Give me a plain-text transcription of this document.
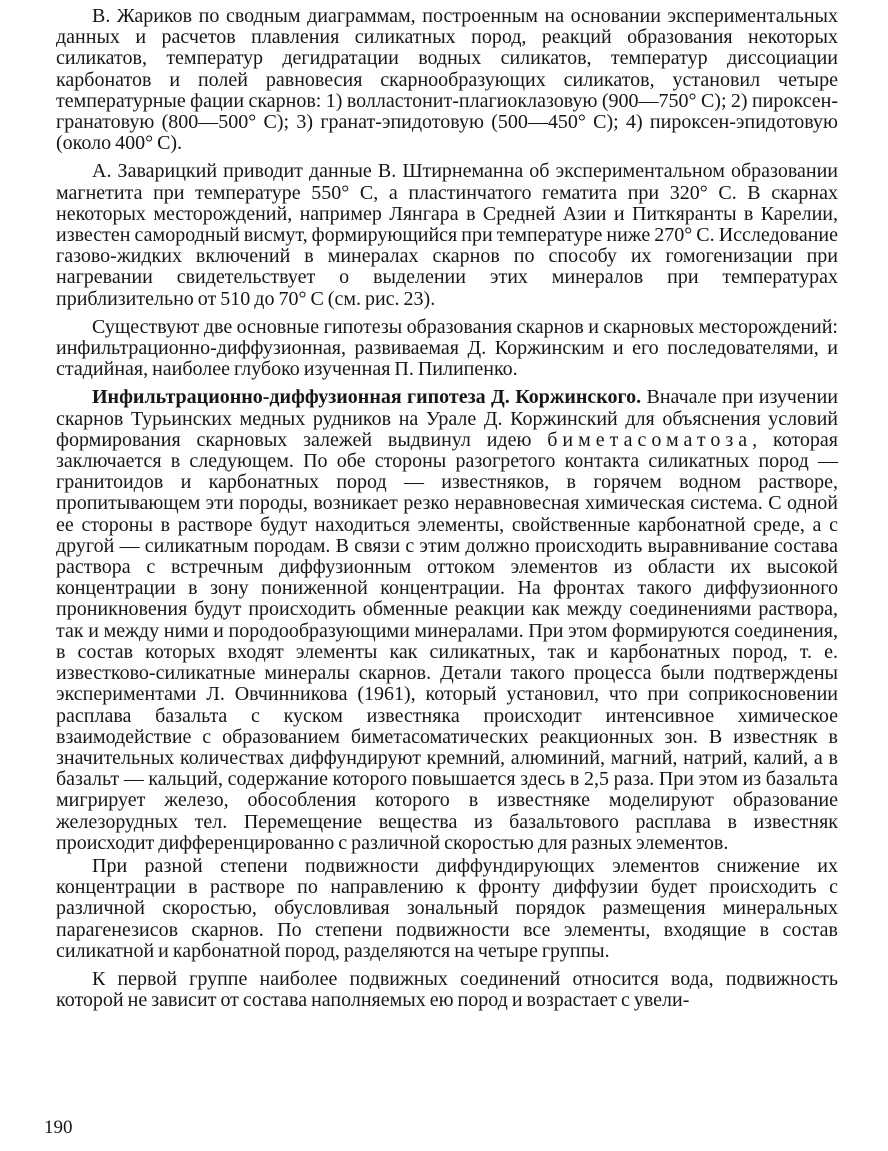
В. Жариков по сводным диаграммам, построенным на основании экспериментальных данных и расчетов плавления силикатных пород, реакций образования некоторых силикатов, температур дегидратации водных силикатов, температур диссоциации карбонатов и полей равновесия скарнообразующих силикатов, установил четыре температурные фации скарнов: 1) волластонит-плагиоклазовую (900—750° С); 2) пироксен-гранатовую (800—500° С); 3) гранат-эпидотовую (500—450° С); 4) пироксен-эпидотовую (около 400° С).

А. Заварицкий приводит данные В. Штирнеманна об экспериментальном образовании магнетита при температуре 550° С, а пластинчатого гематита при 320° С. В скарнах некоторых месторождений, например Лянгара в Средней Азии и Питкяранты в Карелии, известен самородный висмут, формирующийся при температуре ниже 270° С. Исследование газово-жидких включений в минералах скарнов по способу их гомогенизации при нагревании свидетельствует о выделении этих минералов при температурах приблизительно от 510 до 70° С (см. рис. 23).

Существуют две основные гипотезы образования скарнов и скарновых месторождений: инфильтрационно-диффузионная, развиваемая Д. Коржинским и его последователями, и стадийная, наиболее глубоко изученная П. Пилипенко.

Инфильтрационно-диффузионная гипотеза Д. Коржинского. Вначале при изучении скарнов Турьинских медных рудников на Урале Д. Коржинский для объяснения условий формирования скарновых залежей выдвинул идею биметасоматоза, которая заключается в следующем. По обе стороны разогретого контакта силикатных пород — гранитоидов и карбонатных пород — известняков, в горячем водном растворе, пропитывающем эти породы, возникает резко неравновесная химическая система. С одной ее стороны в растворе будут находиться элементы, свойственные карбонатной среде, а с другой — силикатным породам. В связи с этим должно происходить выравнивание состава раствора с встречным диффузионным оттоком элементов из области их высокой концентрации в зону пониженной концентрации. На фронтах такого диффузионного проникновения будут происходить обменные реакции как между соединениями раствора, так и между ними и породообразующими минералами. При этом формируются соединения, в состав которых входят элементы как силикатных, так и карбонатных пород, т. е. известково-силикатные минералы скарнов. Детали такого процесса были подтверждены экспериментами Л. Овчинникова (1961), который установил, что при соприкосновении расплава базальта с куском известняка происходит интенсивное химическое взаимодействие с образованием биметасоматических реакционных зон. В известняк в значительных количествах диффундируют кремний, алюминий, магний, натрий, калий, а в базальт — кальций, содержание которого повышается здесь в 2,5 раза. При этом из базальта мигрирует железо, обособления которого в известняке моделируют образование железорудных тел. Перемещение вещества из базальтового расплава в известняк происходит дифференцированно с различной скоростью для разных элементов.

При разной степени подвижности диффундирующих элементов снижение их концентрации в растворе по направлению к фронту диффузии будет происходить с различной скоростью, обусловливая зональный порядок размещения минеральных парагенезисов скарнов. По степени подвижности все элементы, входящие в состав силикатной и карбонатной пород, разделяются на четыре группы.

К первой группе наиболее подвижных соединений относится вода, подвижность которой не зависит от состава наполняемых ею пород и возрастает с увели-

190
